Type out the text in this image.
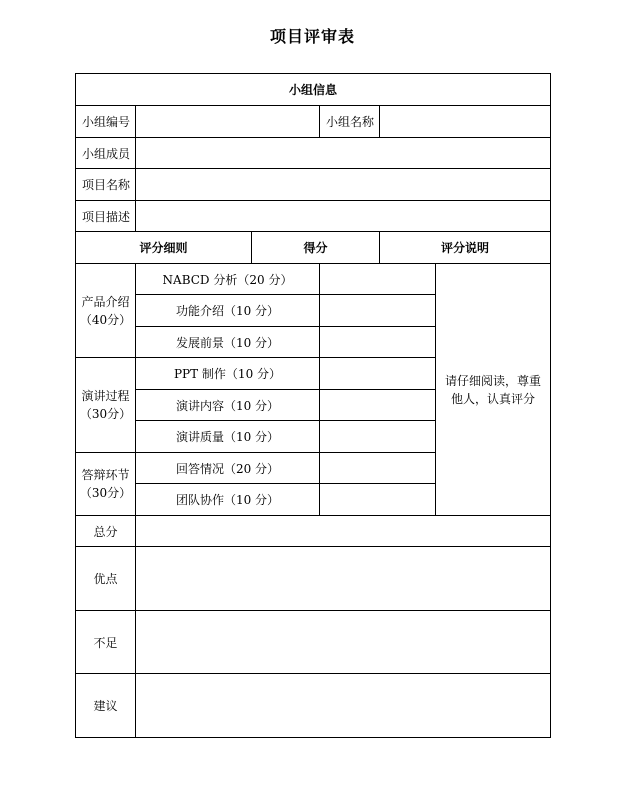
项目评审表
小组信息					
小组编号			小组名称		
小组成员					
项目名称					
项目描述					
评分细则		得分		评分说明	

产品介绍
（40分）	NABCD 分析（20 分）				请仔细阅读，尊重他人，认真评分
	功能介绍（10 分）				
	发展前景（10 分）				

演讲过程
（30分）	PPT 制作（10 分）				
	演讲内容（10 分）				
	演讲质量（10 分）				

答辩环节
（30分）	回答情况（20 分）				
	团队协作（10 分）				
总分					
优点					
不足					
建议					
